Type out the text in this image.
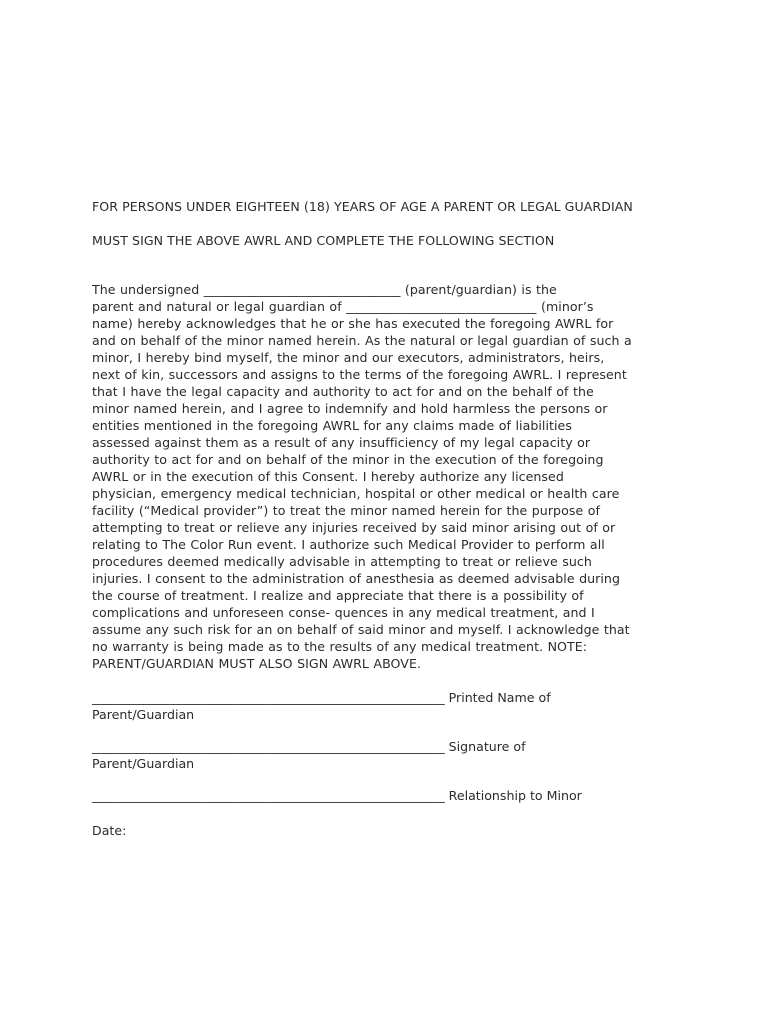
FOR PERSONS UNDER EIGHTEEN (18) YEARS OF AGE A PARENT OR LEGAL GUARDIAN

MUST SIGN THE ABOVE AWRL AND COMPLETE THE FOLLOWING SECTION

The undersigned _______________________________ (parent/guardian) is the
parent and natural or legal guardian of ______________________________ (minor’s
name) hereby acknowledges that he or she has executed the foregoing AWRL for
and on behalf of the minor named herein. As the natural or legal guardian of such a
minor, I hereby bind myself, the minor and our executors, administrators, heirs,
next of kin, successors and assigns to the terms of the foregoing AWRL. I represent
that I have the legal capacity and authority to act for and on the behalf of the
minor named herein, and I agree to indemnify and hold harmless the persons or
entities mentioned in the foregoing AWRL for any claims made of liabilities
assessed against them as a result of any insufficiency of my legal capacity or
authority to act for and on behalf of the minor in the execution of the foregoing
AWRL or in the execution of this Consent. I hereby authorize any licensed
physician, emergency medical technician, hospital or other medical or health care
facility (“Medical provider”) to treat the minor named herein for the purpose of
attempting to treat or relieve any injuries received by said minor arising out of or
relating to The Color Run event. I authorize such Medical Provider to perform all
procedures deemed medically advisable in attempting to treat or relieve such
injuries. I consent to the administration of anesthesia as deemed advisable during
the course of treatment. I realize and appreciate that there is a possibility of
complications and unforeseen conse- quences in any medical treatment, and I
assume any such risk for an on behalf of said minor and myself. I acknowledge that
no warranty is being made as to the results of any medical treatment. NOTE:
PARENT/GUARDIAN MUST ALSO SIGN AWRL ABOVE.
________________________________________________________ Printed Name of
Parent/Guardian
________________________________________________________ Signature of
Parent/Guardian
________________________________________________________ Relationship to Minor
Date:
